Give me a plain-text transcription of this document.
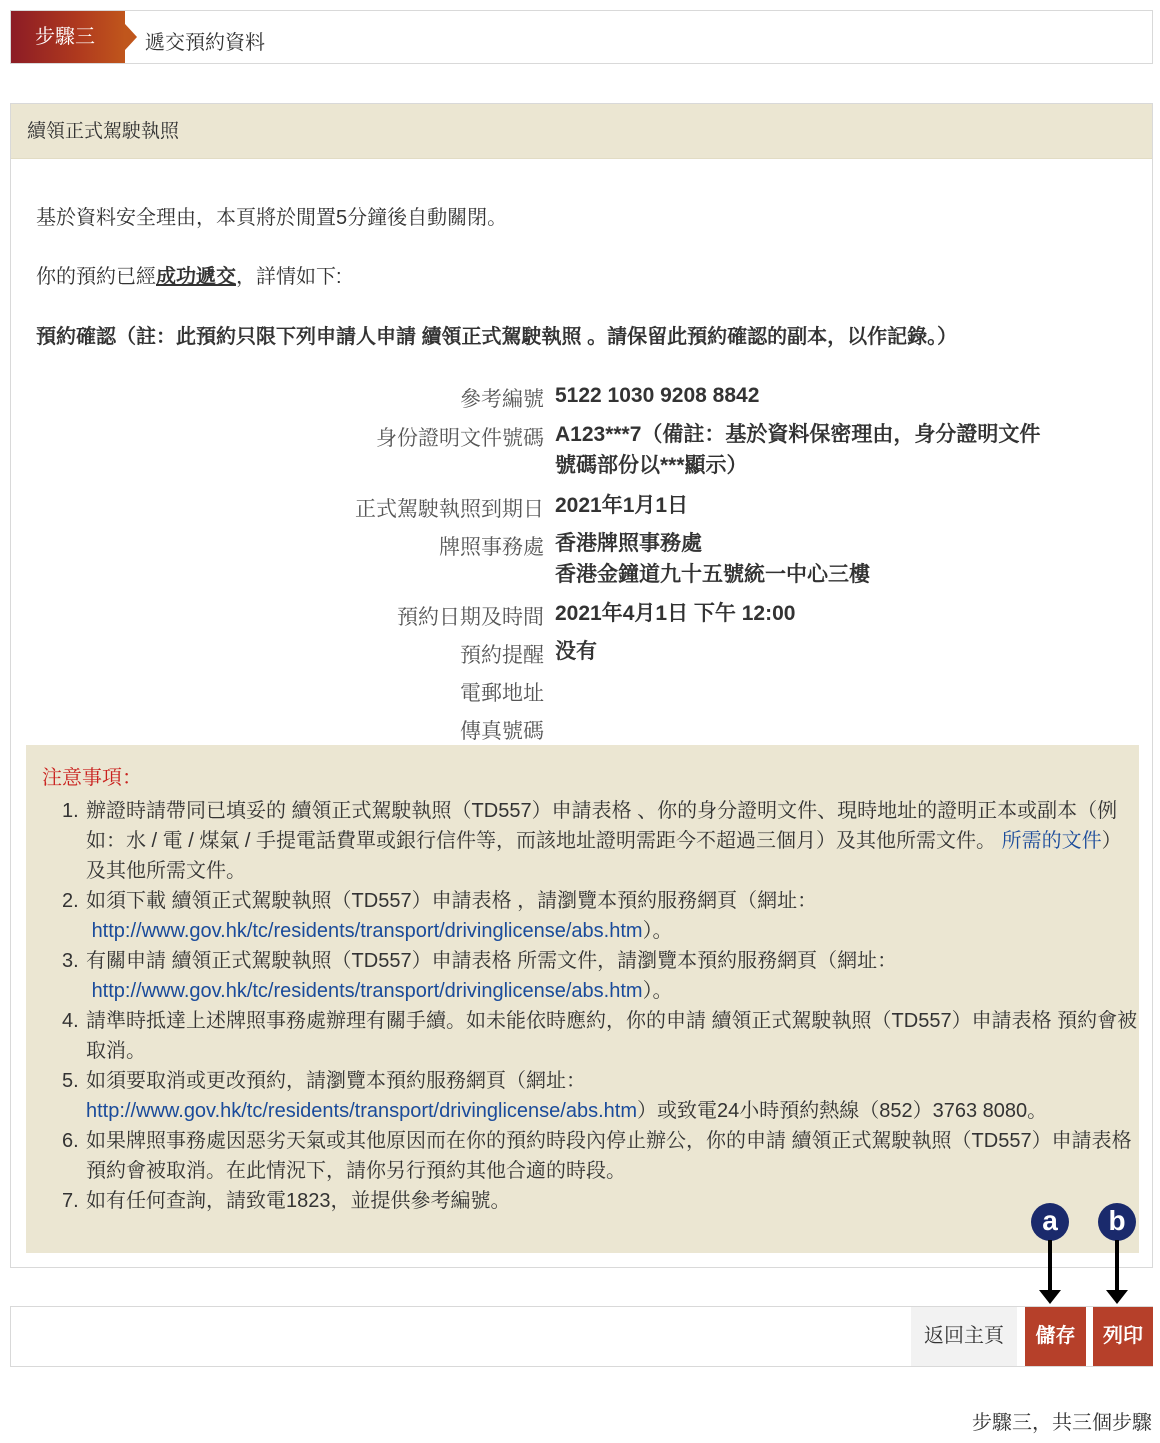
步驟三	遞交預約資料
續領正式駕駛執照
基於資料安全理由，本頁將於閒置5分鐘後自動關閉。
你的預約已經成功遞交，詳情如下:
預約確認（註：此預約只限下列申請人申請 續領正式駕駛執照 。請保留此預約確認的副本，以作記錄。）
參考編號 5122 1030 9208 8842
身份證明文件號碼 A123***7（備註：基於資料保密理由，身分證明文件號碼部份以***顯示）
正式駕駛執照到期日 2021年1月1日
牌照事務處 香港牌照事務處
香港金鐘道九十五號統一中心三樓
預約日期及時間 2021年4月1日 下午 12:00
預約提醒 没有
電郵地址
傳真號碼
注意事項：
1. 辦證時請帶同已填妥的 續領正式駕駛執照（TD557）申請表格 、你的身分證明文件、現時地址的證明正本或副本（例如：水 / 電 / 煤氣 / 手提電話費單或銀行信件等，而該地址證明需距今不超過三個月）及其他所需文件。 所需的文件）及其他所需文件。
2. 如須下載 續領正式駕駛執照（TD557）申請表格 ，請瀏覽本預約服務網頁（網址：
http://www.gov.hk/tc/residents/transport/drivinglicense/abs.htm）。
3. 有關申請 續領正式駕駛執照（TD557）申請表格 所需文件，請瀏覽本預約服務網頁（網址：
http://www.gov.hk/tc/residents/transport/drivinglicense/abs.htm）。
4. 請準時抵達上述牌照事務處辦理有關手續。如未能依時應約，你的申請 續領正式駕駛執照（TD557）申請表格 預約會被取消。
5. 如須要取消或更改預約，請瀏覽本預約服務網頁（網址： http://www.gov.hk/tc/residents/transport/drivinglicense/abs.htm）或致電24小時預約熱線（852）3763 8080。
6. 如果牌照事務處因惡劣天氣或其他原因而在你的預約時段內停止辦公，你的申請 續領正式駕駛執照（TD557）申請表格 預約會被取消。在此情況下，請你另行預約其他合適的時段。
7. 如有任何查詢，請致電1823，並提供參考編號。
a	b
返回主頁	儲存	列印
步驟三，共三個步驟
